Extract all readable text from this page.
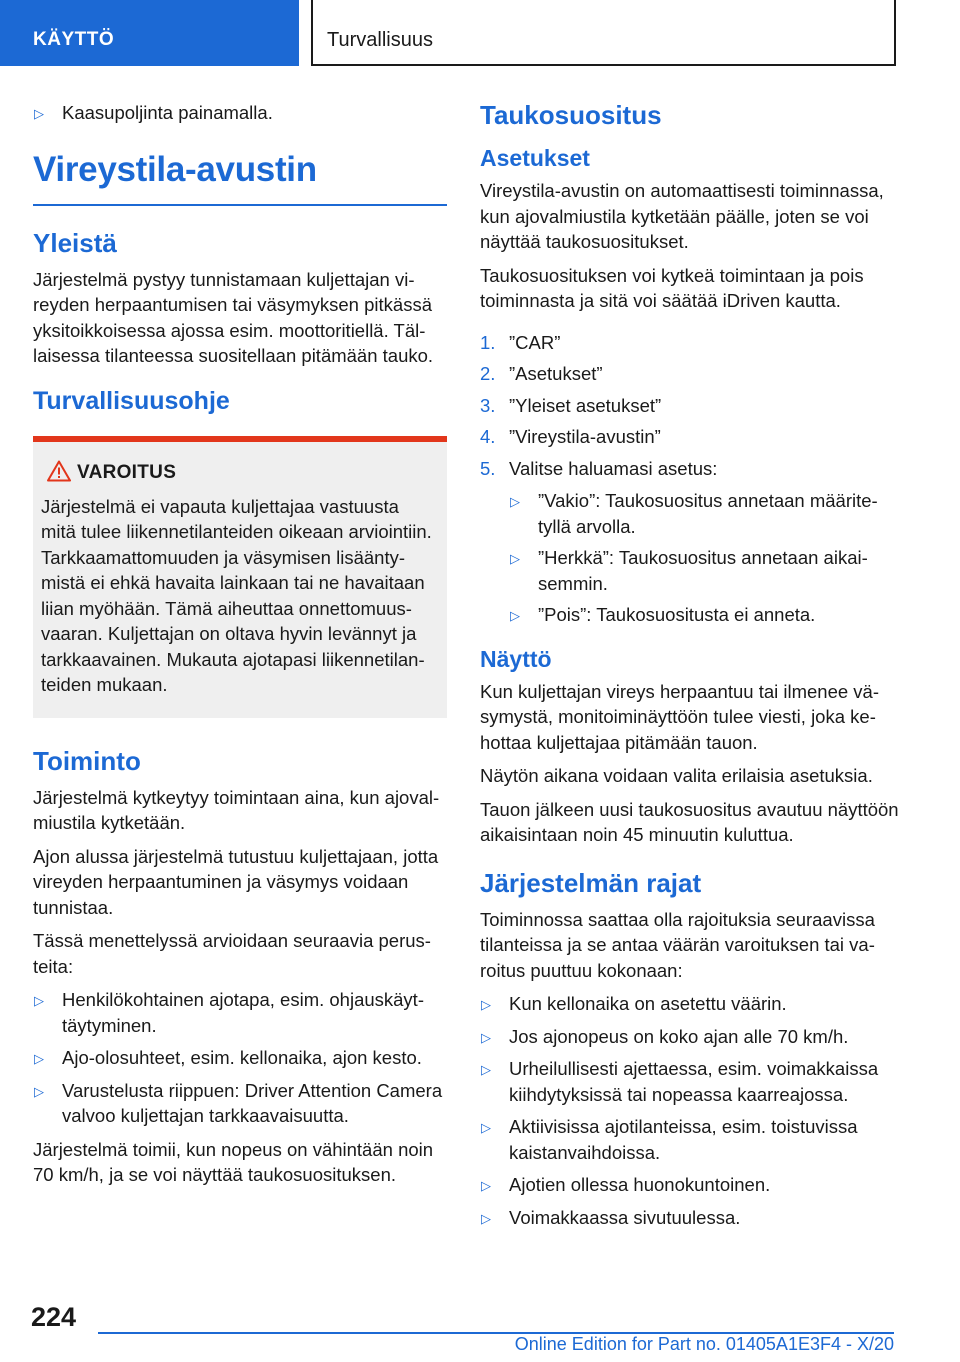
KÄYTTÖ	Turvallisuus
▷ Kaasupoljinta painamalla.
Vireystila-avustin
Yleistä

Järjestelmä pystyy tunnistamaan kuljettajan vireyden herpaantumisen tai väsymyksen pitkässä yksitoikkoisessa ajossa esim. moottoritiellä. Tällaisessa tilanteessa suositellaan pitämään tauko.

Turvallisuusohje
VAROITUS

Järjestelmä ei vapauta kuljettajaa vastuusta mitä tulee liikennetilanteiden oikeaan arviointiin. Tarkkaamattomuuden ja väsymisen lisääntymistä ei ehkä havaita lainkaan tai ne havaitaan liian myöhään. Tämä aiheuttaa onnettomuusvaaran. Kuljettajan on oltava hyvin levännyt ja tarkkaavainen. Mukauta ajotapasi liikennetilanteiden mukaan.

Toiminto

Järjestelmä kytkeytyy toimintaan aina, kun ajovalmiustila kytketään.

Ajon alussa järjestelmä tutustuu kuljettajaan, jotta vireyden herpaantuminen ja väsymys voidaan tunnistaa.

Tässä menettelyssä arvioidaan seuraavia perusteita:

▷ Henkilökohtainen ajotapa, esim. ohjauskäyttäytyminen.
▷ Ajo-olosuhteet, esim. kellonaika, ajon kesto.
▷ Varustelusta riippuen: Driver Attention Camera valvoo kuljettajan tarkkaavaisuutta.

Järjestelmä toimii, kun nopeus on vähintään noin 70 km/h, ja se voi näyttää taukosuosituksen.

Taukosuositus
Asetukset

Vireystila-avustin on automaattisesti toiminnassa, kun ajovalmiustila kytketään päälle, joten se voi näyttää taukosuositukset.

Taukosuosituksen voi kytkeä toimintaan ja pois toiminnasta ja sitä voi säätää iDriven kautta.

1. ”CAR”
2. ”Asetukset”
3. ”Yleiset asetukset”
4. ”Vireystila-avustin”
5. Valitse haluamasi asetus:
▷ ”Vakio”: Taukosuositus annetaan määritetyllä arvolla.
▷ ”Herkkä”: Taukosuositus annetaan aikaisemmin.
▷ ”Pois”: Taukosuositusta ei anneta.
Näyttö

Kun kuljettajan vireys herpaantuu tai ilmenee väsymystä, monitoiminäyttöön tulee viesti, joka kehottaa kuljettajaa pitämään tauon.

Näytön aikana voidaan valita erilaisia asetuksia.

Tauon jälkeen uusi taukosuositus avautuu näyttöön aikaisintaan noin 45 minuutin kuluttua.

Järjestelmän rajat

Toiminnossa saattaa olla rajoituksia seuraavissa tilanteissa ja se antaa väärän varoituksen tai varoitus puuttuu kokonaan:

▷ Kun kellonaika on asetettu väärin.
▷ Jos ajonopeus on koko ajan alle 70 km/h.
▷ Urheilullisesti ajettaessa, esim. voimakkaissa kiihdytyksissä tai nopeassa kaarreajossa.
▷ Aktiivisissa ajotilanteissa, esim. toistuvissa kaistanvaihdoissa.
▷ Ajotien ollessa huonokuntoinen.
▷ Voimakkaassa sivutuulessa.
224
Online Edition for Part no. 01405A1E3F4 - X/20
